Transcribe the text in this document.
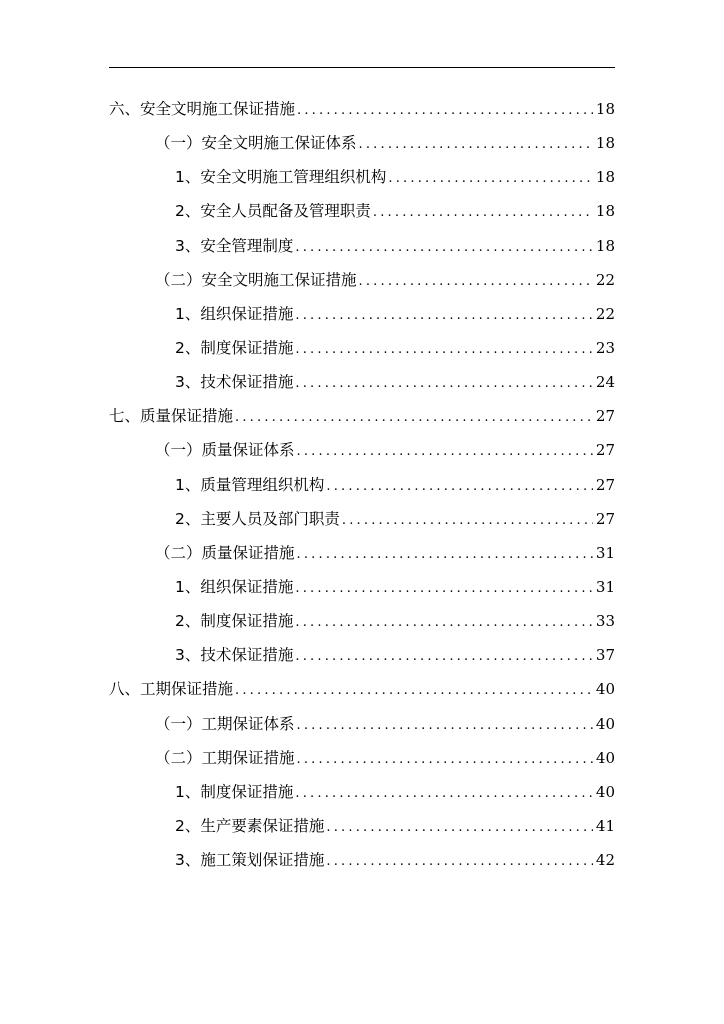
六、安全文明施工保证措施 .....	18
（一）安全文明施工保证体系 .....	18
1、安全文明施工管理组织机构 .....	18
2、安全人员配备及管理职责 .....	18
3、安全管理制度 .....	18
（二）安全文明施工保证措施 .....	22
1、组织保证措施 .....	22
2、制度保证措施 .....	23
3、技术保证措施 .....	24
七、质量保证措施 .....	27
（一）质量保证体系 .....	27
1、质量管理组织机构 .....	27
2、主要人员及部门职责 .....	27
（二）质量保证措施 .....	31
1、组织保证措施 .....	31
2、制度保证措施 .....	33
3、技术保证措施 .....	37
八、工期保证措施 .....	40
（一）工期保证体系 .....	40
（二）工期保证措施 .....	40
1、制度保证措施 .....	40
2、生产要素保证措施 .....	41
3、施工策划保证措施 .....	42
